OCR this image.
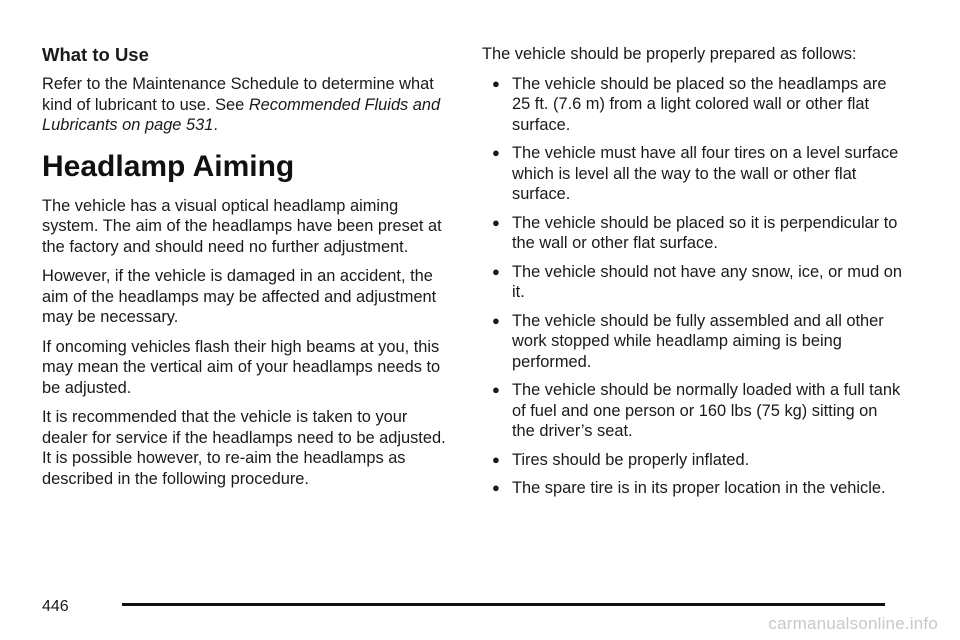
What to Use

Refer to the Maintenance Schedule to determine what kind of lubricant to use. See Recommended Fluids and Lubricants on page 531.

Headlamp Aiming

The vehicle has a visual optical headlamp aiming system. The aim of the headlamps have been preset at the factory and should need no further adjustment.

However, if the vehicle is damaged in an accident, the aim of the headlamps may be affected and adjustment may be necessary.

If oncoming vehicles flash their high beams at you, this may mean the vertical aim of your headlamps needs to be adjusted.

It is recommended that the vehicle is taken to your dealer for service if the headlamps need to be adjusted. It is possible however, to re-aim the headlamps as described in the following procedure.

The vehicle should be properly prepared as follows:

● The vehicle should be placed so the headlamps are 25 ft. (7.6 m) from a light colored wall or other flat surface.
● The vehicle must have all four tires on a level surface which is level all the way to the wall or other flat surface.
● The vehicle should be placed so it is perpendicular to the wall or other flat surface.
● The vehicle should not have any snow, ice, or mud on it.
● The vehicle should be fully assembled and all other work stopped while headlamp aiming is being performed.
● The vehicle should be normally loaded with a full tank of fuel and one person or 160 lbs (75 kg) sitting on the driver’s seat.
● Tires should be properly inflated.
● The spare tire is in its proper location in the vehicle.
446
carmanualsonline.info
